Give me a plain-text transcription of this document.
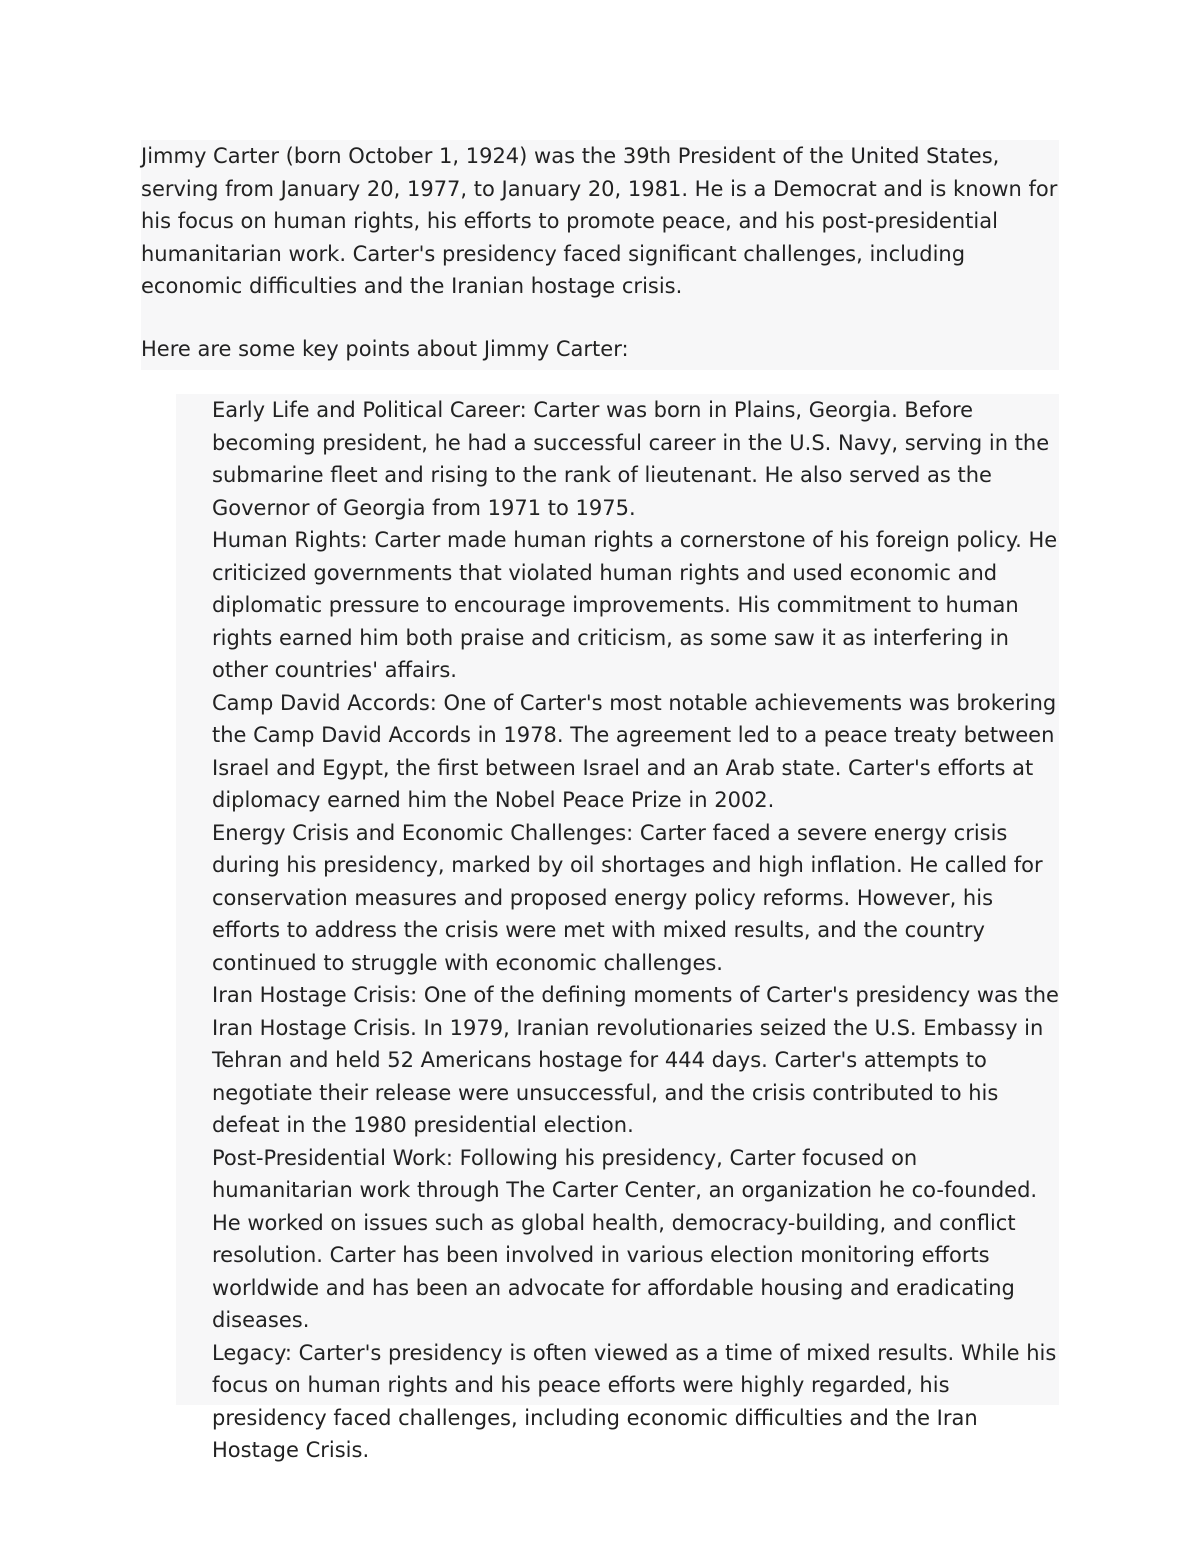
Jimmy Carter (born October 1, 1924) was the 39th President of the United States, serving from January 20, 1977, to January 20, 1981. He is a Democrat and is known for his focus on human rights, his efforts to promote peace, and his post-presidential humanitarian work. Carter's presidency faced significant challenges, including economic difficulties and the Iranian hostage crisis.

Here are some key points about Jimmy Carter:

Early Life and Political Career: Carter was born in Plains, Georgia. Before becoming president, he had a successful career in the U.S. Navy, serving in the submarine fleet and rising to the rank of lieutenant. He also served as the Governor of Georgia from 1971 to 1975.
Human Rights: Carter made human rights a cornerstone of his foreign policy. He criticized governments that violated human rights and used economic and diplomatic pressure to encourage improvements. His commitment to human rights earned him both praise and criticism, as some saw it as interfering in other countries' affairs.
Camp David Accords: One of Carter's most notable achievements was brokering the Camp David Accords in 1978. The agreement led to a peace treaty between Israel and Egypt, the first between Israel and an Arab state. Carter's efforts at diplomacy earned him the Nobel Peace Prize in 2002.
Energy Crisis and Economic Challenges: Carter faced a severe energy crisis during his presidency, marked by oil shortages and high inflation. He called for conservation measures and proposed energy policy reforms. However, his efforts to address the crisis were met with mixed results, and the country continued to struggle with economic challenges.
Iran Hostage Crisis: One of the defining moments of Carter's presidency was the Iran Hostage Crisis. In 1979, Iranian revolutionaries seized the U.S. Embassy in Tehran and held 52 Americans hostage for 444 days. Carter's attempts to negotiate their release were unsuccessful, and the crisis contributed to his defeat in the 1980 presidential election.
Post-Presidential Work: Following his presidency, Carter focused on humanitarian work through The Carter Center, an organization he co-founded. He worked on issues such as global health, democracy-building, and conflict resolution. Carter has been involved in various election monitoring efforts worldwide and has been an advocate for affordable housing and eradicating diseases.
Legacy: Carter's presidency is often viewed as a time of mixed results. While his focus on human rights and his peace efforts were highly regarded, his presidency faced challenges, including economic difficulties and the Iran Hostage Crisis.
